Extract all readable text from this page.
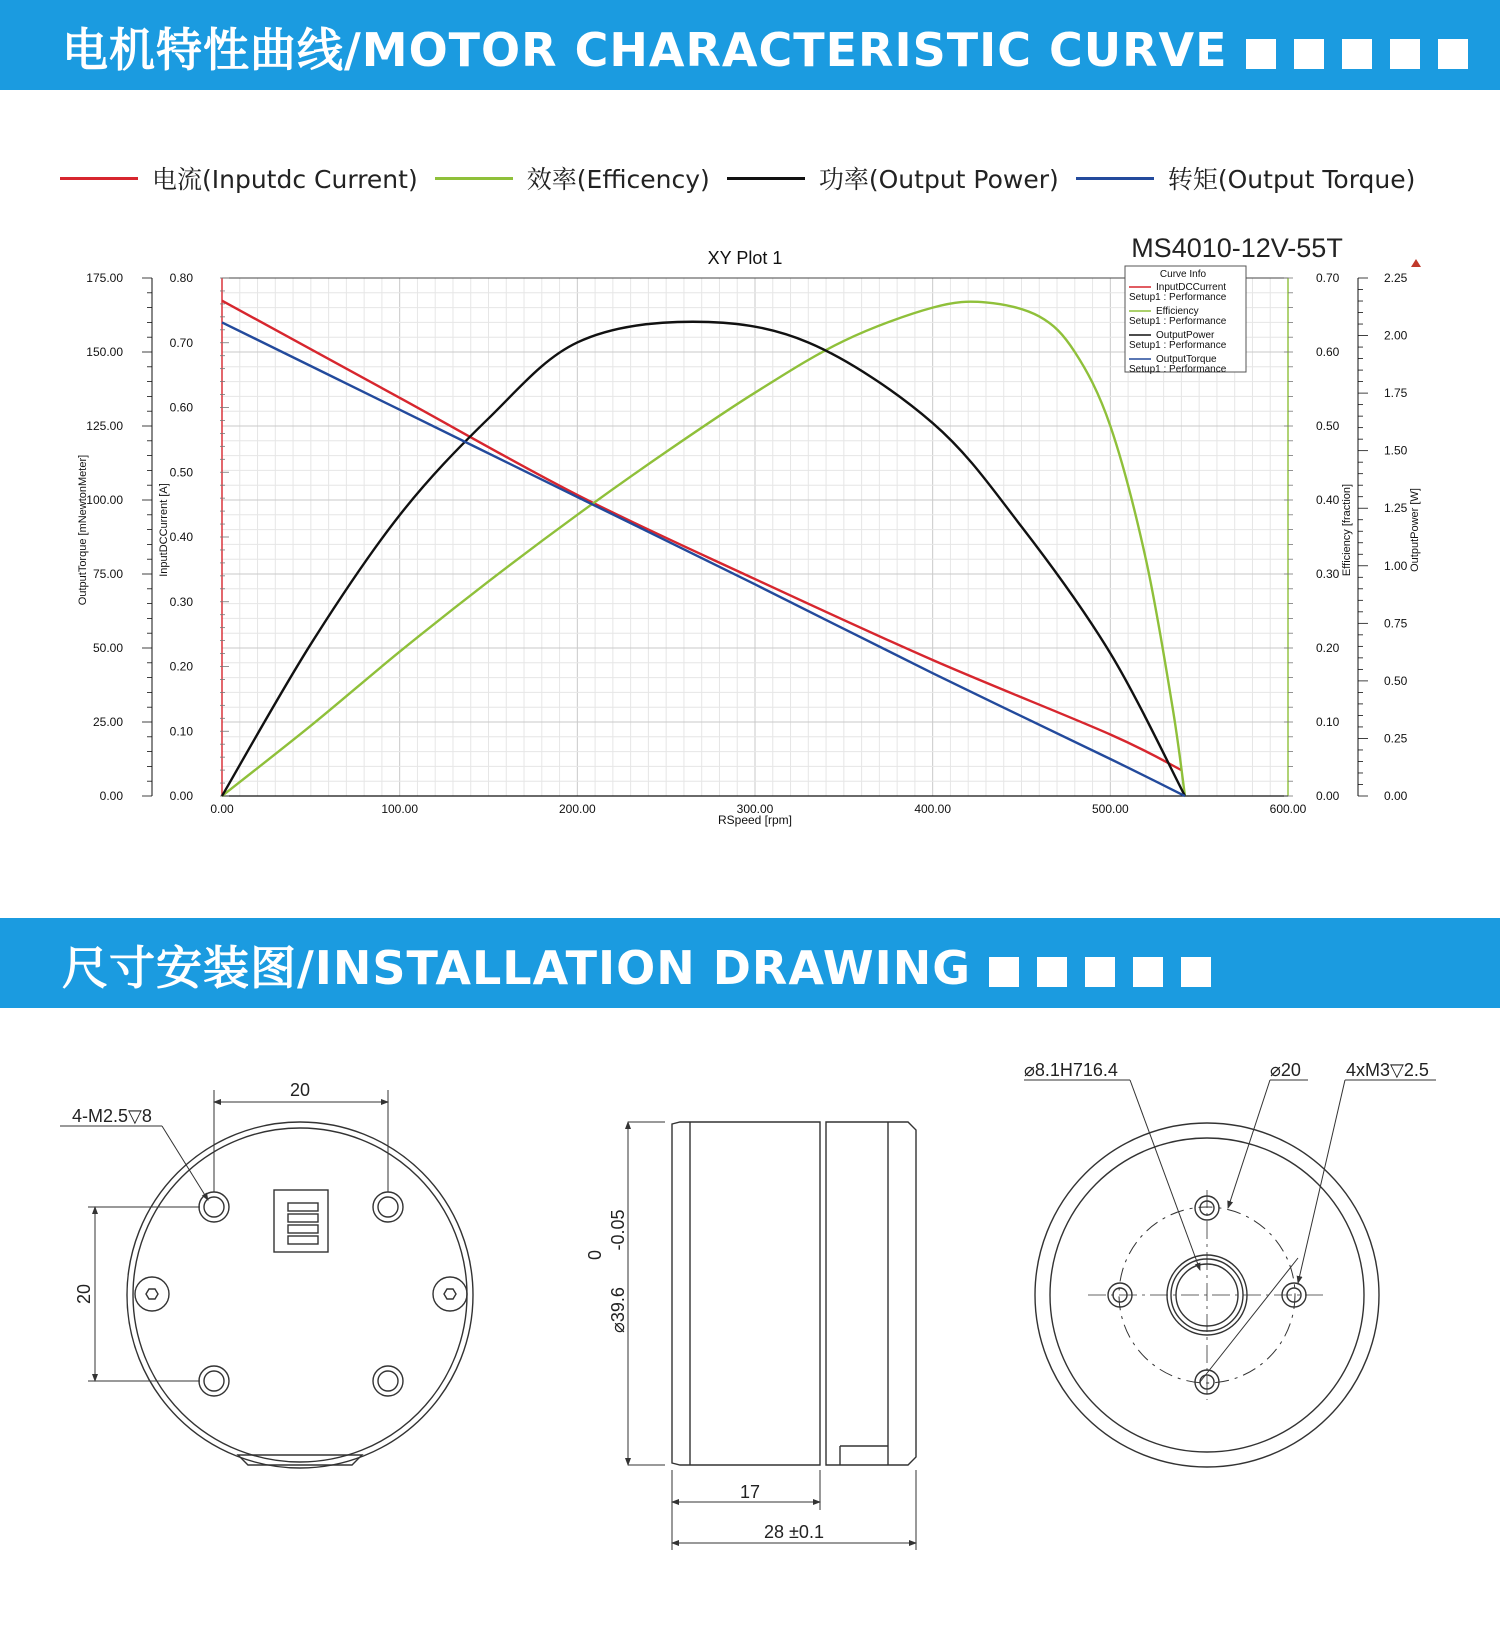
电机特性曲线/MOTOR CHARACTERISTIC CURVE
电流(Inputdc Current)	效率(Efficency)	功率(Output Power)	转矩(Output Torque)
0.00	100.00	200.00	300.00	400.00	500.00	600.00
0.00
25.00
50.00
75.00
100.00
125.00
150.00
175.00
0.00
0.10
0.20
0.30
0.40
0.50
0.60
0.70
0.80
0.00
0.10
0.20
0.30
0.40
0.50
0.60
0.70
0.00
0.25
0.50
0.75
1.00
1.25
1.50
1.75
2.00
2.25
XY Plot 1	MS4010-12V-55T
RSpeed [rpm]
OutputTorque [mNewtonMeter]	InputDCCurrent [A]	Efficiency [fraction]	OutputPower [W]
Curve Info
InputDCCurrent
Setup1 : Performance
Efficiency
Setup1 : Performance
OutputPower
Setup1 : Performance
OutputTorque
Setup1 : Performance
尺寸安装图/INSTALLATION DRAWING
20
20
4-M2.5▽8
0
-0.05
⌀39.6
17
28 ±0.1
⌀8.1H716.4	⌀20	4xM3▽2.5
